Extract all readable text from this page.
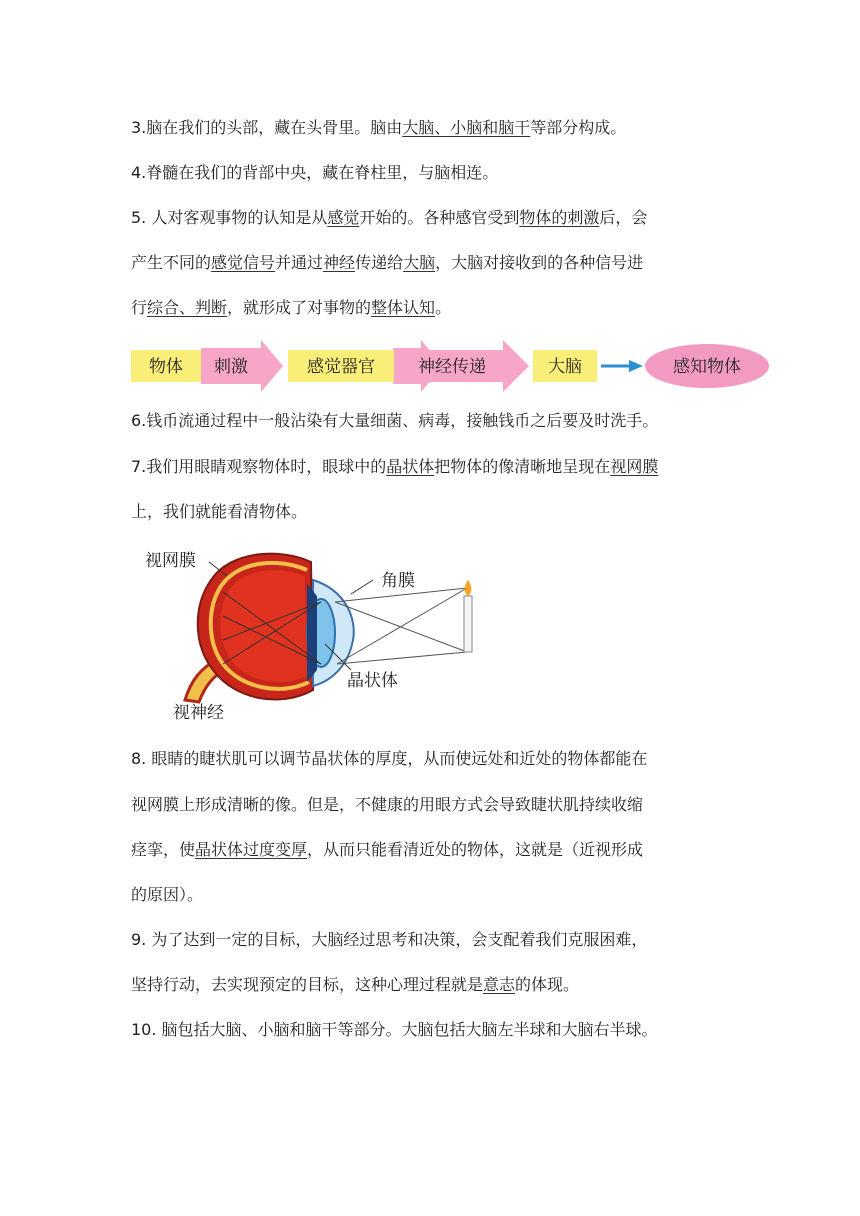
3.脑在我们的头部，藏在头骨里。脑由大脑、小脑和脑干等部分构成。
4.脊髓在我们的背部中央，藏在脊柱里，与脑相连。
5. 人对客观事物的认知是从感觉开始的。各种感官受到物体的刺激后，会
产生不同的感觉信号并通过神经传递给大脑，大脑对接收到的各种信号进
行综合、判断，就形成了对事物的整体认知。
物体 刺激	感觉器官	神经传递	大脑	感知物体
6.钱币流通过程中一般沾染有大量细菌、病毒，接触钱币之后要及时洗手。
7.我们用眼睛观察物体时，眼球中的晶状体把物体的像清晰地呈现在视网膜
上，我们就能看清物体。
视网膜
角膜
晶状体
视神经
8. 眼睛的睫状肌可以调节晶状体的厚度，从而使远处和近处的物体都能在
视网膜上形成清晰的像。但是，不健康的用眼方式会导致睫状肌持续收缩
痉挛，使晶状体过度变厚，从而只能看清近处的物体，这就是（近视形成
的原因）。
9. 为了达到一定的目标，大脑经过思考和决策，会支配着我们克服困难，
坚持行动，去实现预定的目标，这种心理过程就是意志的体现。
10. 脑包括大脑、小脑和脑干等部分。大脑包括大脑左半球和大脑右半球。
